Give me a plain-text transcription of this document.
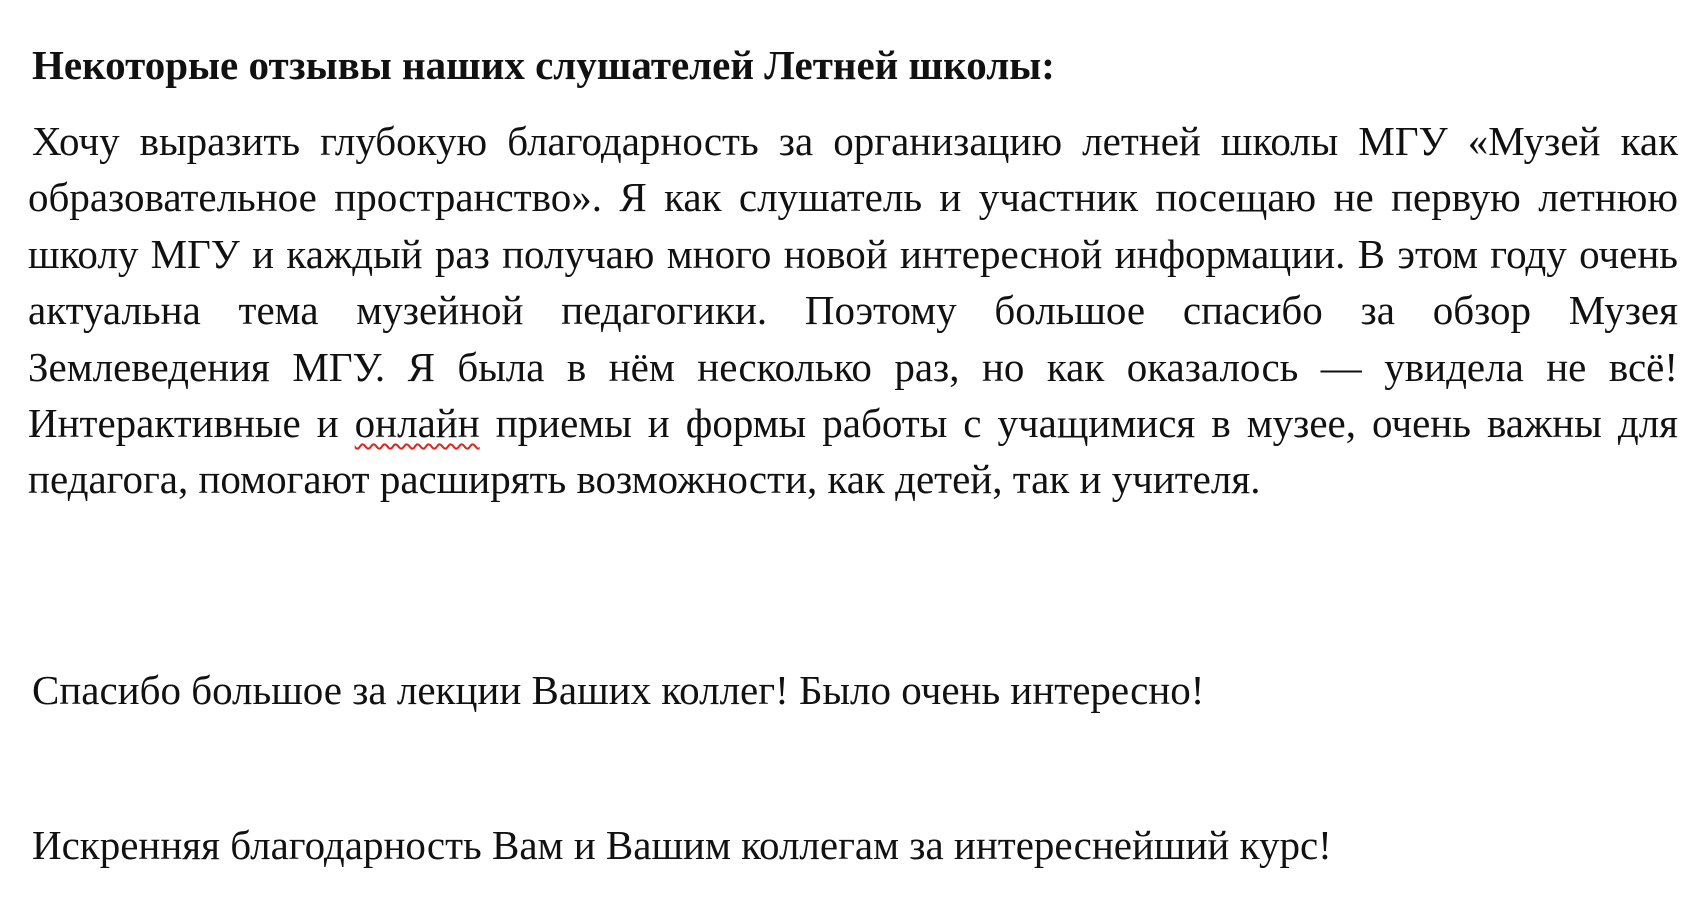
Некоторые отзывы наших слушателей Летней школы:

Хочу выразить глубокую благодарность за организацию летней школы МГУ «Музей как образовательное пространство». Я как слушатель и участник посещаю не первую летнюю школу МГУ и каждый раз получаю много новой интересной информации. В этом году очень актуальна тема музейной педагогики. Поэтому большое спасибо за обзор Музея Землеведения МГУ. Я была в нём несколько раз, но как оказалось — увидела не всё! Интерактивные и онлайн приемы и формы работы с учащимися в музее, очень важны для педагога, помогают расширять возможности, как детей, так и учителя.

Спасибо большое за лекции Ваших коллег! Было очень интересно!

Искренняя благодарность Вам и Вашим коллегам за интереснейший курс!
